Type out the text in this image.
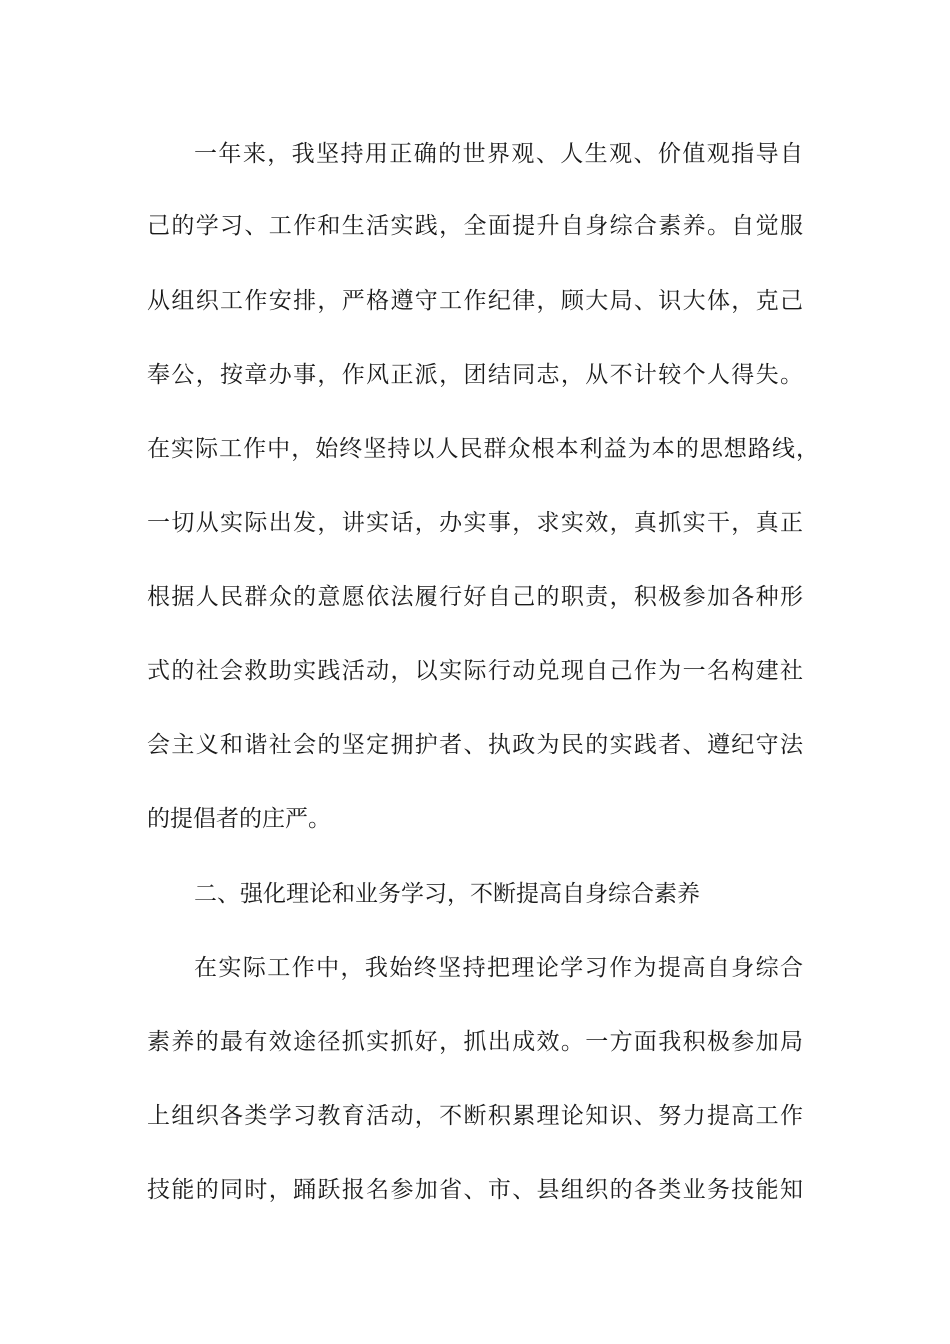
一年来，我坚持用正确的世界观、人生观、价值观指导自
己的学习、工作和生活实践，全面提升自身综合素养。自觉服
从组织工作安排，严格遵守工作纪律，顾大局、识大体，克己
奉公，按章办事，作风正派，团结同志，从不计较个人得失。
在实际工作中，始终坚持以人民群众根本利益为本的思想路线，
一切从实际出发，讲实话，办实事，求实效，真抓实干，真正
根据人民群众的意愿依法履行好自己的职责，积极参加各种形
式的社会救助实践活动，以实际行动兑现自己作为一名构建社
会主义和谐社会的坚定拥护者、执政为民的实践者、遵纪守法
的提倡者的庄严。
二、强化理论和业务学习，不断提高自身综合素养
在实际工作中，我始终坚持把理论学习作为提高自身综合
素养的最有效途径抓实抓好，抓出成效。一方面我积极参加局
上组织各类学习教育活动，不断积累理论知识、努力提高工作
技能的同时，踊跃报名参加省、市、县组织的各类业务技能知
